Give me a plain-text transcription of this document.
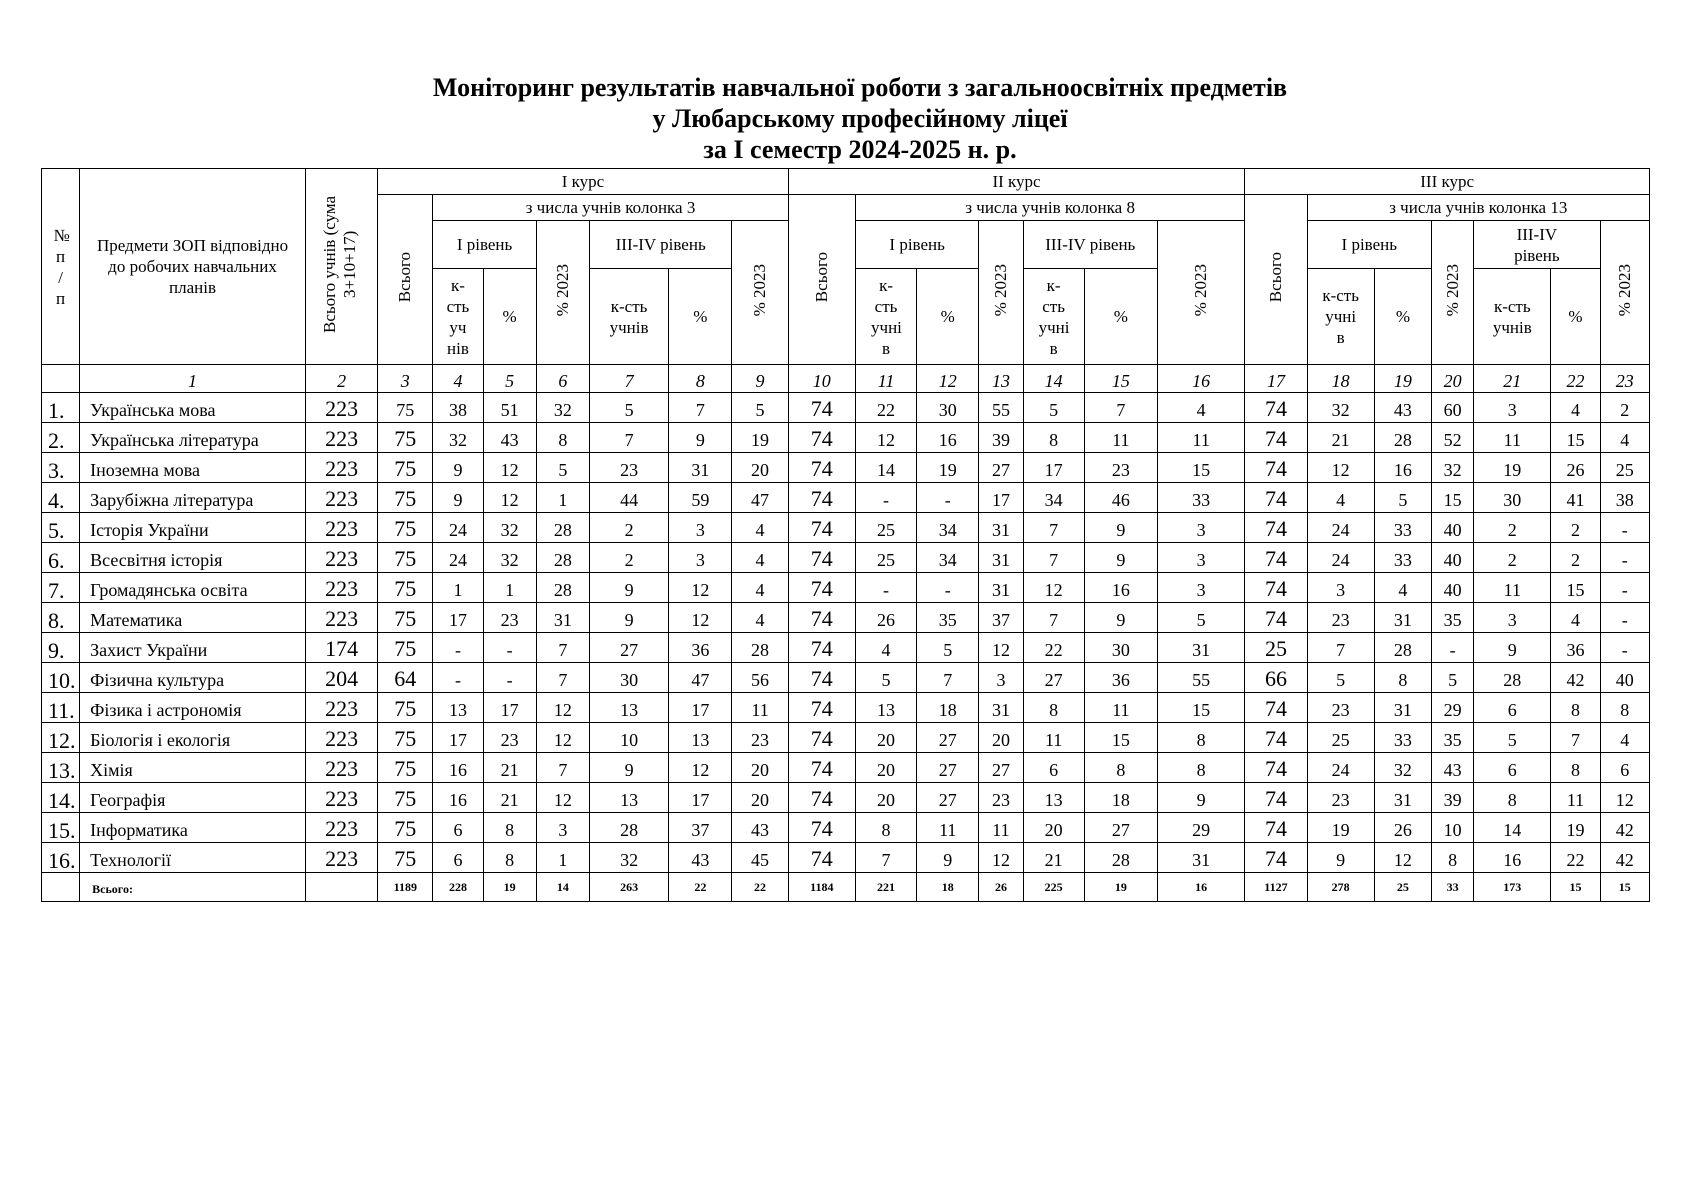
Моніторинг результатів навчальної роботи з загальноосвітніх предметів
у Любарському професійному ліцеї
за І семестр 2024-2025 н. р.
№ п / п	Предмети ЗОП відповідно до робочих навчальних планів	Всього учнів (сума 3+10+17)	І курс							ІІ курс							ІІІ курс						
			Всього	з числа учнів колонка 3						Всього	з числа учнів колонка 8						Всього	з числа учнів колонка 13					
				І рівень		% 2023	ІІІ-ІV рівень		% 2023		І рівень		% 2023	ІІІ-ІV рівень		% 2023		І рівень		% 2023	ІІІ-ІV рівень		% 2023
				к-сть уч нів	%		к-сть учнів	%			к-сть учні в	%		к-сть учні в	%			к-сть учні в	%		к-сть учнів	%	
	1	2	3	4	5	6	7	8	9	10	11	12	13	14	15	16	17	18	19	20	21	22	23
1.	Українська мова	223	75	38	51	32	5	7	5	74	22	30	55	5	7	4	74	32	43	60	3	4	2
2.	Українська література	223	75	32	43	8	7	9	19	74	12	16	39	8	11	11	74	21	28	52	11	15	4
3.	Іноземна мова	223	75	9	12	5	23	31	20	74	14	19	27	17	23	15	74	12	16	32	19	26	25
4.	Зарубіжна література	223	75	9	12	1	44	59	47	74	-	-	17	34	46	33	74	4	5	15	30	41	38
5.	Історія України	223	75	24	32	28	2	3	4	74	25	34	31	7	9	3	74	24	33	40	2	2	-
6.	Всесвітня історія	223	75	24	32	28	2	3	4	74	25	34	31	7	9	3	74	24	33	40	2	2	-
7.	Громадянська освіта	223	75	1	1	28	9	12	4	74	-	-	31	12	16	3	74	3	4	40	11	15	-
8.	Математика	223	75	17	23	31	9	12	4	74	26	35	37	7	9	5	74	23	31	35	3	4	-
9.	Захист України	174	75	-	-	7	27	36	28	74	4	5	12	22	30	31	25	7	28	-	9	36	-
10.	Фізична культура	204	64	-	-	7	30	47	56	74	5	7	3	27	36	55	66	5	8	5	28	42	40
11.	Фізика і астрономія	223	75	13	17	12	13	17	11	74	13	18	31	8	11	15	74	23	31	29	6	8	8
12.	Біологія і екологія	223	75	17	23	12	10	13	23	74	20	27	20	11	15	8	74	25	33	35	5	7	4
13.	Хімія	223	75	16	21	7	9	12	20	74	20	27	27	6	8	8	74	24	32	43	6	8	6
14.	Географія	223	75	16	21	12	13	17	20	74	20	27	23	13	18	9	74	23	31	39	8	11	12
15.	Інформатика	223	75	6	8	3	28	37	43	74	8	11	11	20	27	29	74	19	26	10	14	19	42
16.	Технології	223	75	6	8	1	32	43	45	74	7	9	12	21	28	31	74	9	12	8	16	22	42
	Всього:		1189	228	19	14	263	22	22	1184	221	18	26	225	19	16	1127	278	25	33	173	15	15
